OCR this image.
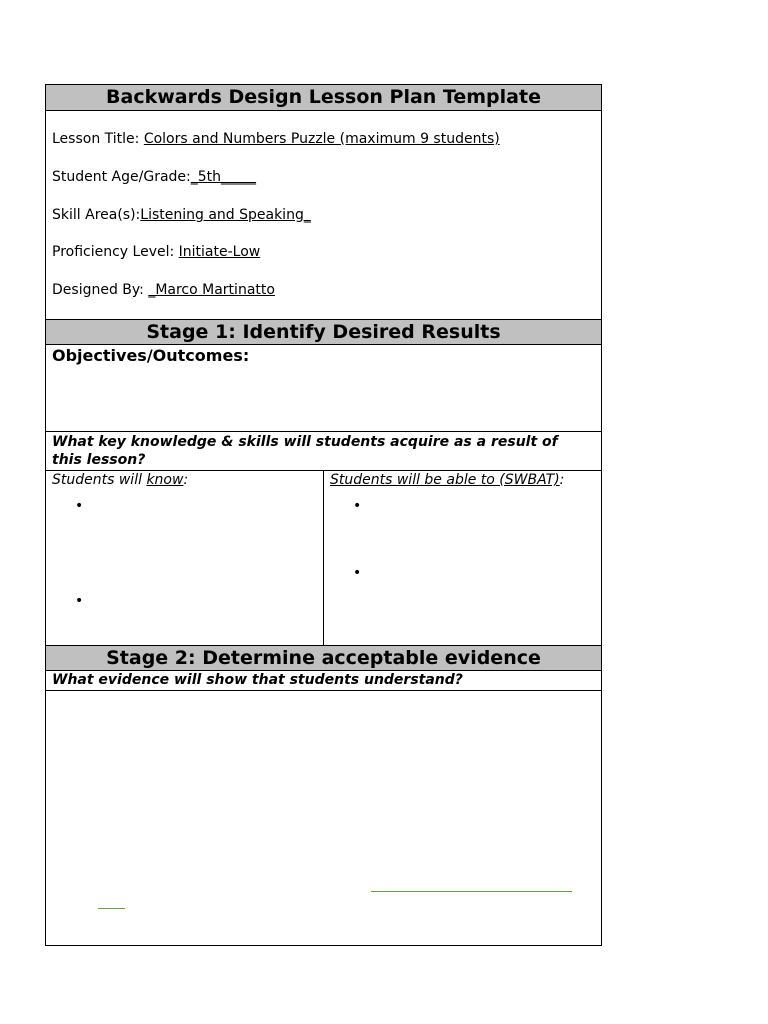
Backwards Design Lesson Plan Template
Lesson Title: Colors and Numbers Puzzle (maximum 9 students)
Student Age/Grade:_5th_____
Skill Area(s):Listening and Speaking_
Proficiency Level: Initiate-Low
Designed By: _Marco Martinatto
Stage 1: Identify Desired Results
Objectives/Outcomes:
What key knowledge & skills will students acquire as a result of
this lesson?
Students will know:	Students will be able to (SWBAT):
•
•
•
•
Stage 2: Determine acceptable evidence
What evidence will show that students understand?
